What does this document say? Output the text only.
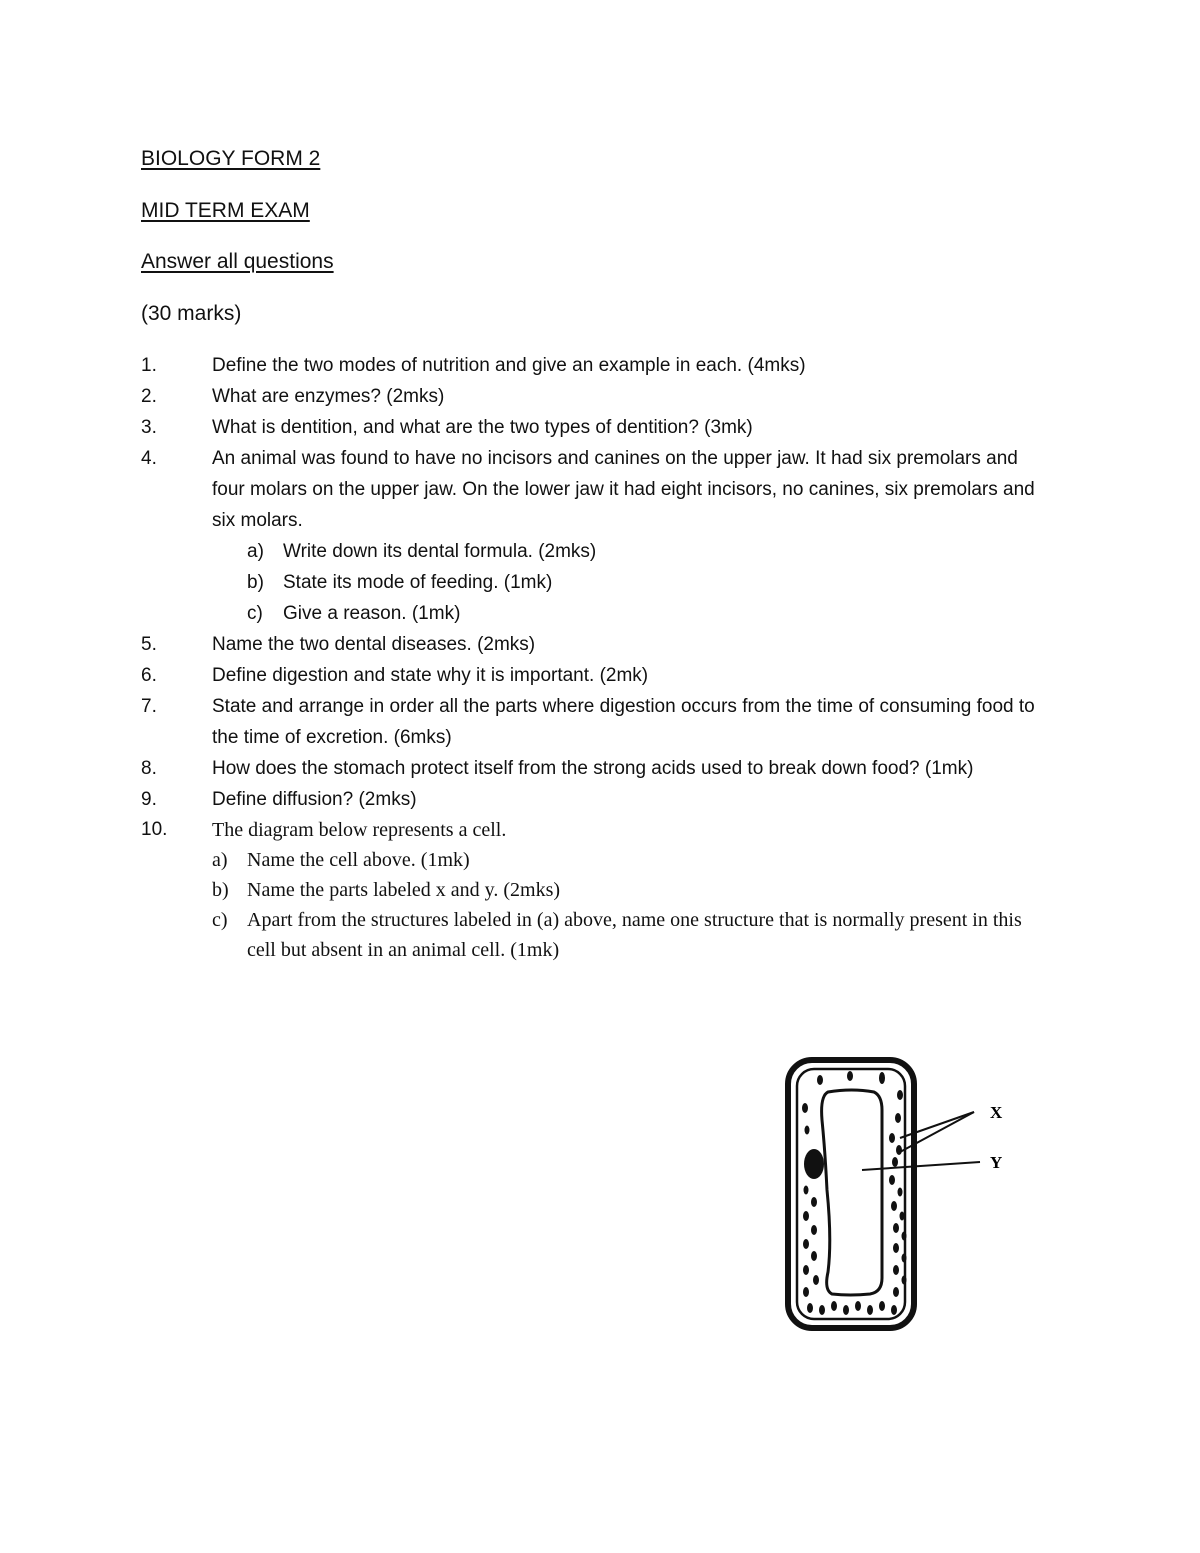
BIOLOGY FORM 2
MID TERM EXAM
Answer all questions
(30 marks)
1.	Define the two modes of nutrition and give an example in each. (4mks)
2.	What are enzymes? (2mks)
3.	What is dentition, and what are the two types of dentition? (3mk)
4.	An animal was found to have no incisors and canines on the upper jaw. It had six premolars and four molars on the upper jaw. On the lower jaw it had eight incisors, no canines, six premolars and six molars.
a) Write down its dental formula. (2mks)
b) State its mode of feeding. (1mk)
c) Give a reason. (1mk)
5.	Name the two dental diseases. (2mks)
6.	Define digestion and state why it is important. (2mk)
7.	State and arrange in order all the parts where digestion occurs from the time of consuming food to the time of excretion. (6mks)
8.	How does the stomach protect itself from the strong acids used to break down food? (1mk)
9.	Define diffusion? (2mks)
10.	The diagram below represents a cell.
a) Name the cell above. (1mk)
b) Name the parts labeled x and y. (2mks)
c) Apart from the structures labeled in (a) above, name one structure that is normally present in this cell but absent in an animal cell. (1mk)
X
Y
